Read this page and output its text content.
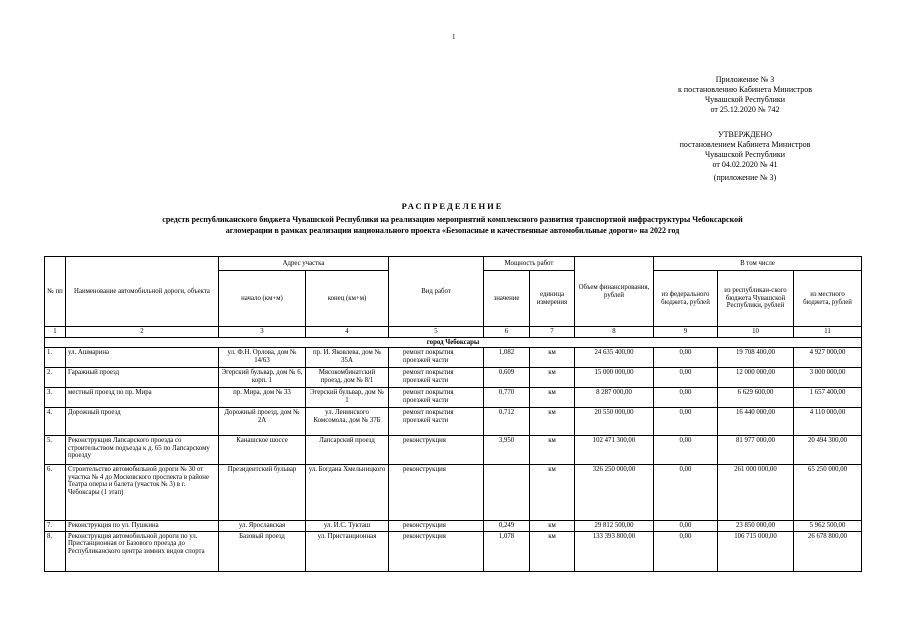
1
Приложение № 3
к постановлению Кабинета Министров
Чувашской Республики
от 25.12.2020 № 742
УТВЕРЖДЕНО
постановлением Кабинета Министров
Чувашской Республики
от 04.02.2020 № 41
(приложение № 3)
РАСПРЕДЕЛЕНИЕ
средств республиканского бюджета Чувашской Республики на реализацию мероприятий комплексного развития транспортной инфраструктуры Чебоксарской
агломерации в рамках реализации национального проекта «Безопасные и качественные автомобильные дороги» на 2022 год
№ пп	Наименование автомобильной дороги, объекта	Адрес участка		Вид работ	Мощность работ		Объем финансирования, рублей	В том числе		
		начало (км+м)	конец (км+м)		значение	единица измерения		из федерального бюджета, рублей	из республикан-ского бюджета Чувашской Республики, рублей	из местного бюджета, рублей
1	2	3	4	5	6	7	8	9	10	11
город Чебоксары										
1.	ул. Ашмарина	ул. Ф.Н. Орлова, дом № 14/63	пр. И. Яковлева, дом № 35А	ремонт покрытия проезжей части	1,082	км	24 635 400,00	0,00	19 708 400,00	4 927 000,00
2.	Гаражный проезд	Эгерский бульвар, дом № 6, корп. 1	Мясокомбинатский проезд, дом № 8/1	ремонт покрытия проезжей части	0,609	км	15 000 000,00	0,00	12 000 000,00	3 000 000,00
3.	местный проезд по пр. Мира	пр. Мира, дом № 33	Эгерский бульвар, дом № 1	ремонт покрытия проезжей части	0,770	км	8 287 000,00	0,00	6 629 600,00	1 657 400,00
4.	Дорожный проезд	Дорожный проезд, дом № 2А	ул. Ленинского Комсомола, дом № 37Б	ремонт покрытия проезжей части	0,712	км	20 550 000,00	0,00	16 440 000,00	4 110 000,00
5.	Реконструкция Лапсарского проезда со строительством подъезда к д. 65 по Лапсарскому проезду	Канашское шоссе	Лапсарский проезд	реконструкция	3,950	км	102 471 300,00	0,00	81 977 000,00	20 494 300,00
6.	Строительство автомобильной дороги № 30 от участка № 4 до Московского проспекта в районе Театра оперы и балета (участок № 3) в г. Чебоксары (1 этап)	Президентский бульвар	ул. Богдана Хмельницкого	реконструкция		км	326 250 000,00	0,00	261 000 000,00	65 250 000,00
7.	Реконструкция по ул. Пушкина	ул. Ярославская	ул. И.С. Тукташ	реконструкция	0,249	км	29 812 500,00	0,00	23 850 000,00	5 962 500,00
8.	Реконструкция автомобильной дороги по ул. Пристанционная от Базового проезда до Республиканского центра зимних видов спорта	Базовый проезд	ул. Пристанционная	реконструкция	1,078	км	133 393 800,00	0,00	106 715 000,00	26 678 800,00
